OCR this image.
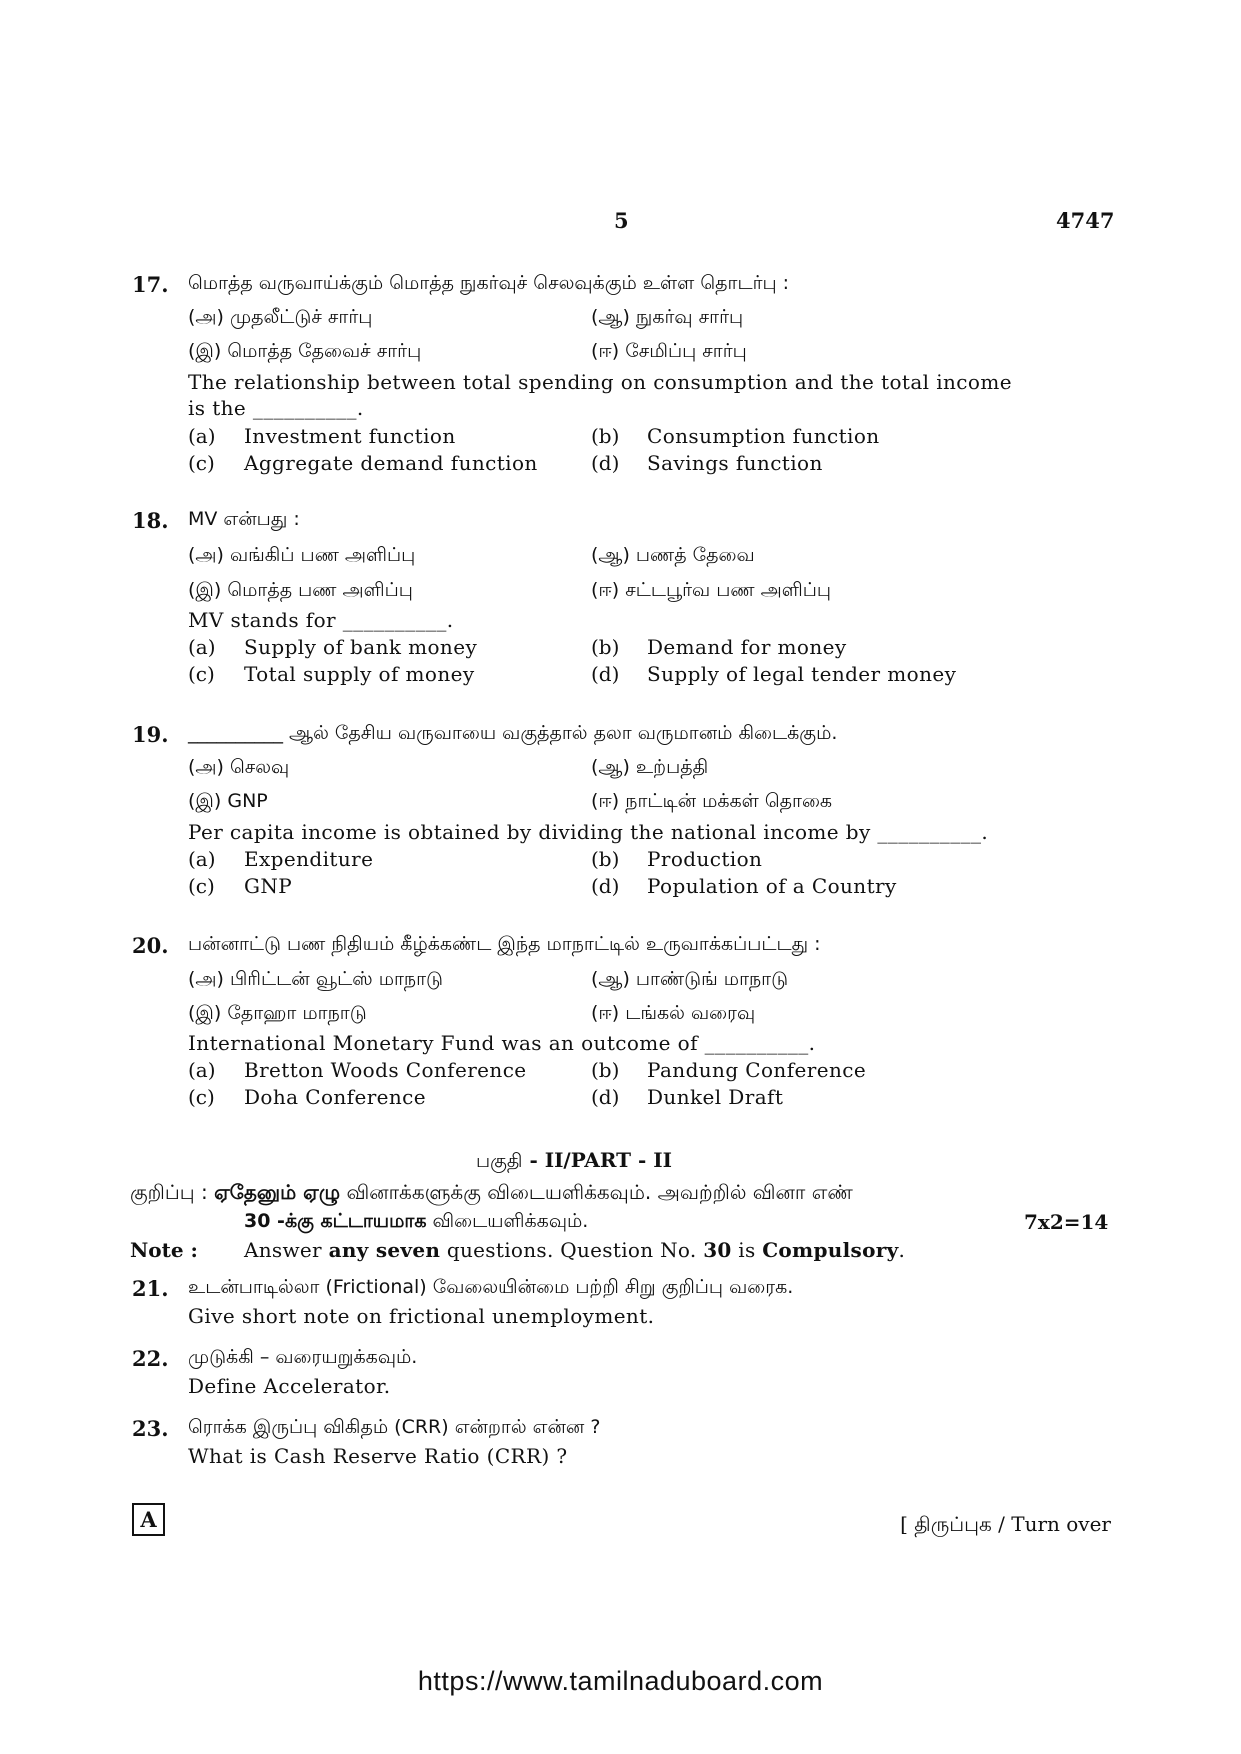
5	4747
17. மொத்த வருவாய்க்கும் மொத்த நுகர்வுச் செலவுக்கும் உள்ள தொடர்பு :
(அ) முதலீட்டுச் சார்பு	(ஆ) நுகர்வு சார்பு
(இ) மொத்த தேவைச் சார்பு	(ஈ) சேமிப்பு சார்பு
The relationship between total spending on consumption and the total income
is the __________.
(a) Investment function	(b) Consumption function
(c) Aggregate demand function	(d) Savings function
18. MV என்பது :
(அ) வங்கிப் பண அளிப்பு	(ஆ) பணத் தேவை
(இ) மொத்த பண அளிப்பு	(ஈ) சட்டபூர்வ பண அளிப்பு
MV stands for __________.
(a) Supply of bank money	(b) Demand for money
(c) Total supply of money	(d) Supply of legal tender money
19. __________ ஆல் தேசிய வருவாயை வகுத்தால் தலா வருமானம் கிடைக்கும்.
(அ) செலவு	(ஆ) உற்பத்தி
(இ) GNP	(ஈ) நாட்டின் மக்கள் தொகை
Per capita income is obtained by dividing the national income by __________.
(a) Expenditure	(b) Production
(c) GNP	(d) Population of a Country
20. பன்னாட்டு பண நிதியம் கீழ்க்கண்ட இந்த மாநாட்டில் உருவாக்கப்பட்டது :
(அ) பிரிட்டன் வூட்ஸ் மாநாடு	(ஆ) பாண்டுங் மாநாடு
(இ) தோஹா மாநாடு	(ஈ) டங்கல் வரைவு
International Monetary Fund was an outcome of __________.
(a) Bretton Woods Conference	(b) Pandung Conference
(c) Doha Conference	(d) Dunkel Draft
பகுதி - II/PART - II
குறிப்பு : ஏதேனும் ஏழு வினாக்களுக்கு விடையளிக்கவும். அவற்றில் வினா எண்
30 -க்கு கட்டாயமாக விடையளிக்கவும்.	7x2=14
Note : Answer any seven questions. Question No. 30 is Compulsory.
21. உடன்பாடில்லா (Frictional) வேலையின்மை பற்றி சிறு குறிப்பு வரைக.
Give short note on frictional unemployment.
22. முடுக்கி – வரையறுக்கவும்.
Define Accelerator.
23. ரொக்க இருப்பு விகிதம் (CRR) என்றால் என்ன ?
What is Cash Reserve Ratio (CRR) ?
A	[ திருப்புக / Turn over
https://www.tamilnaduboard.com
